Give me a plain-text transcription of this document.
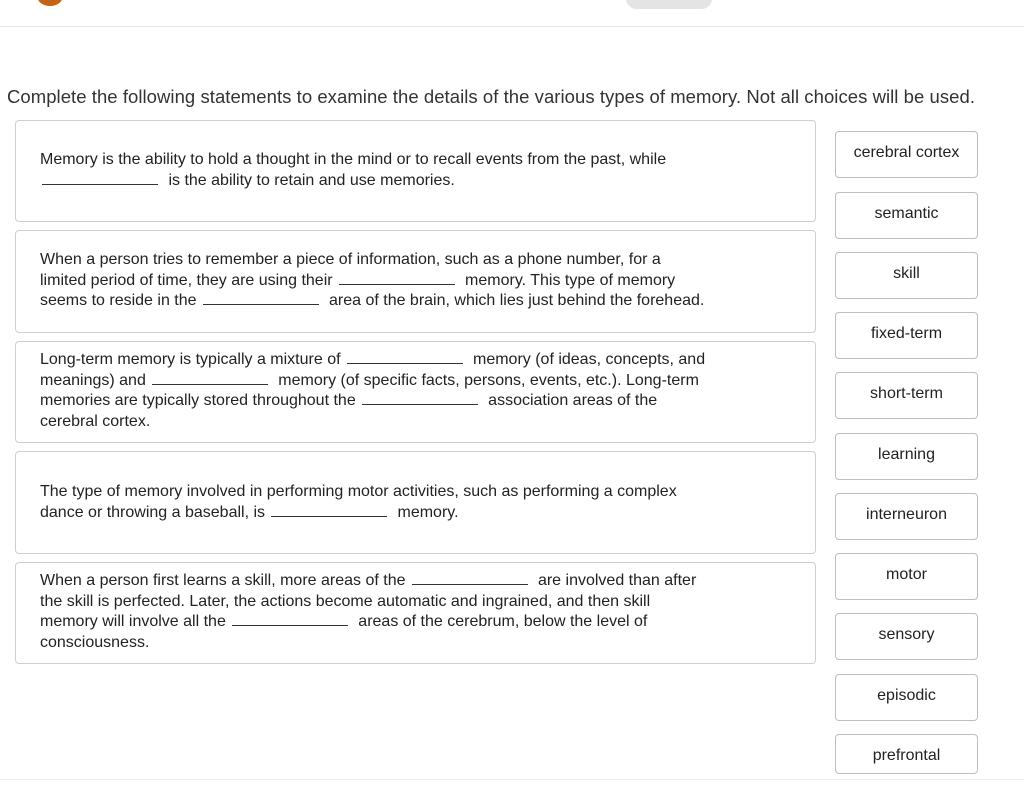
Complete the following statements to examine the details of the various types of memory. Not all choices will be used.
Memory is the ability to hold a thought in the mind or to recall events from the past, while
is the ability to retain and use memories.
When a person tries to remember a piece of information, such as a phone number, for a
limited period of time, they are using their	memory. This type of memory
seems to reside in the	area of the brain, which lies just behind the forehead.
Long-term memory is typically a mixture of	memory (of ideas, concepts, and
meanings) and	memory (of specific facts, persons, events, etc.). Long-term
memories are typically stored throughout the	association areas of the
cerebral cortex.
The type of memory involved in performing motor activities, such as performing a complex
dance or throwing a baseball, is	memory.
When a person first learns a skill, more areas of the	are involved than after
the skill is perfected. Later, the actions become automatic and ingrained, and then skill
memory will involve all the	areas of the cerebrum, below the level of
consciousness.
cerebral cortex
semantic
skill
fixed-term
short-term
learning
interneuron
motor
sensory
episodic
prefrontal
